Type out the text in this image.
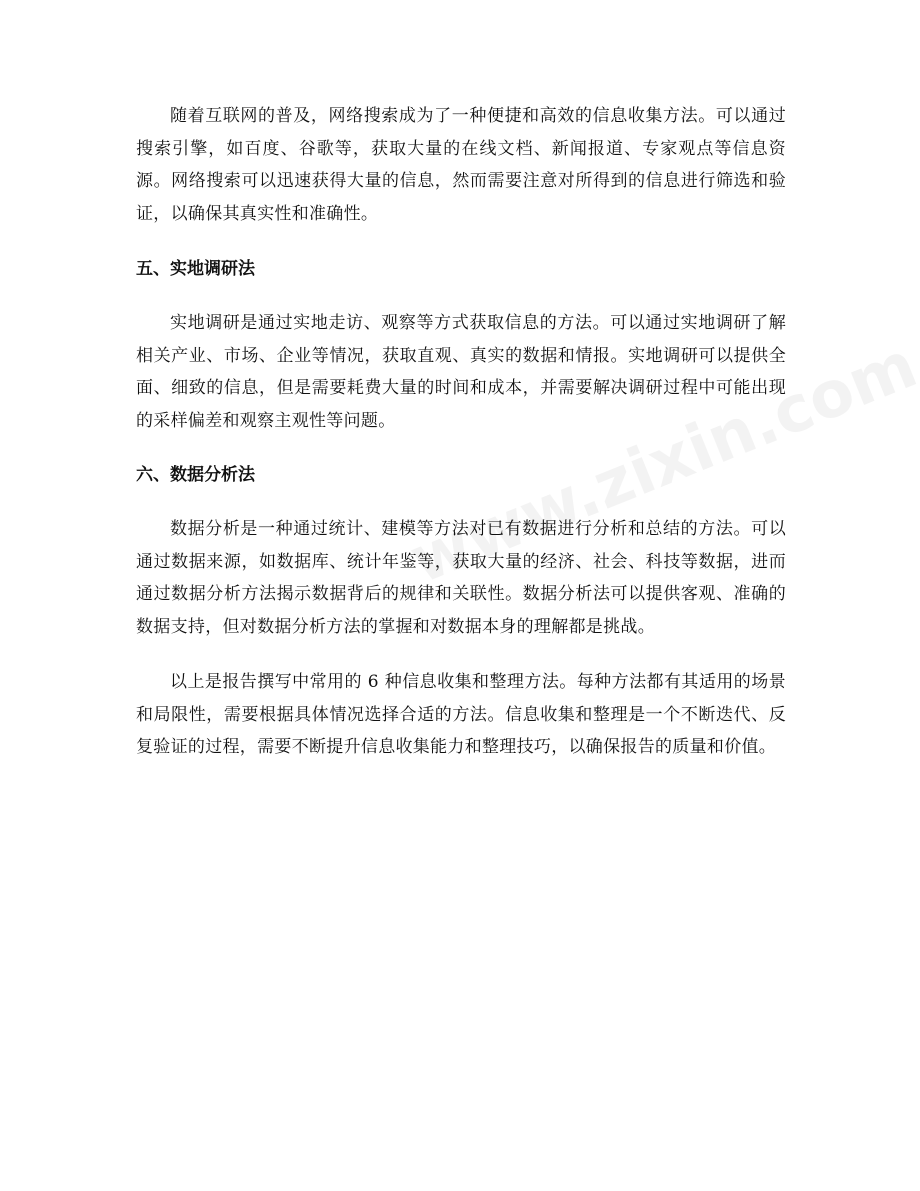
随着互联网的普及，网络搜索成为了一种便捷和高效的信息收集方法。可以通过搜索引擎，如百度、谷歌等，获取大量的在线文档、新闻报道、专家观点等信息资源。网络搜索可以迅速获得大量的信息，然而需要注意对所得到的信息进行筛选和验证，以确保其真实性和准确性。

五、实地调研法

实地调研是通过实地走访、观察等方式获取信息的方法。可以通过实地调研了解相关产业、市场、企业等情况，获取直观、真实的数据和情报。实地调研可以提供全面、细致的信息，但是需要耗费大量的时间和成本，并需要解决调研过程中可能出现的采样偏差和观察主观性等问题。

六、数据分析法

数据分析是一种通过统计、建模等方法对已有数据进行分析和总结的方法。可以通过数据来源，如数据库、统计年鉴等，获取大量的经济、社会、科技等数据，进而通过数据分析方法揭示数据背后的规律和关联性。数据分析法可以提供客观、准确的数据支持，但对数据分析方法的掌握和对数据本身的理解都是挑战。

以上是报告撰写中常用的 6 种信息收集和整理方法。每种方法都有其适用的场景和局限性，需要根据具体情况选择合适的方法。信息收集和整理是一个不断迭代、反复验证的过程，需要不断提升信息收集能力和整理技巧，以确保报告的质量和价值。
